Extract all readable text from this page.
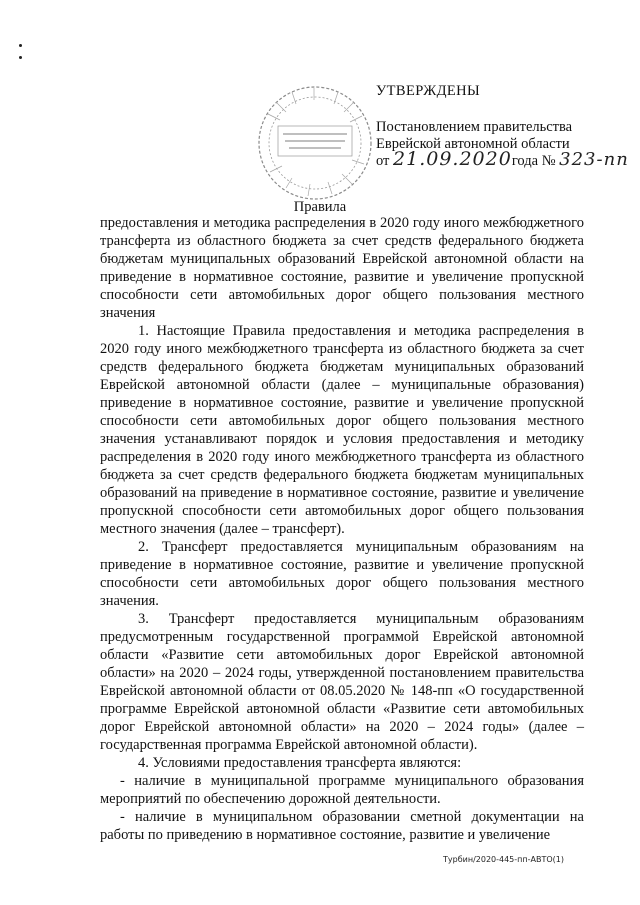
УТВЕРЖДЕНЫ
Постановлением правительства
Еврейской автономной области
от 21.09.2020года № 323-пп
Правила
предоставления и методика распределения в 2020 году иного межбюджетного трансферта из областного бюджета за счет средств федерального бюджета бюджетам муниципальных образований Еврейской автономной области на приведение в нормативное состояние, развитие и увеличение пропускной способности сети автомобильных дорог общего пользования местного значения

1. Настоящие Правила предоставления и методика распределения в 2020 году иного межбюджетного трансферта из областного бюджета за счет средств федерального бюджета бюджетам муниципальных образований Еврейской автономной области (далее – муниципальные образования) приведение в нормативное состояние, развитие и увеличение пропускной способности сети автомобильных дорог общего пользования местного значения устанавливают порядок и условия предоставления и методику распределения в 2020 году иного межбюджетного трансферта из областного бюджета за счет средств федерального бюджета бюджетам муниципальных образований на приведение в нормативное состояние, развитие и увеличение пропускной способности сети автомобильных дорог общего пользования местного значения (далее – трансферт).

2. Трансферт предоставляется муниципальным образованиям на приведение в нормативное состояние, развитие и увеличение пропускной способности сети автомобильных дорог общего пользования местного значения.

3. Трансферт предоставляется муниципальным образованиям предусмотренным государственной программой Еврейской автономной области «Развитие сети автомобильных дорог Еврейской автономной области» на 2020 – 2024 годы, утвержденной постановлением правительства Еврейской автономной области от 08.05.2020 № 148-пп «О государственной программе Еврейской автономной области «Развитие сети автомобильных дорог Еврейской автономной области» на 2020 – 2024 годы» (далее – государственная программа Еврейской автономной области).

4. Условиями предоставления трансферта являются:

- наличие в муниципальной программе муниципального образования мероприятий по обеспечению дорожной деятельности.

- наличие в муниципальном образовании сметной документации на работы по приведению в нормативное состояние, развитие и увеличение

Турбин/2020-445-пп-АВТО(1)
